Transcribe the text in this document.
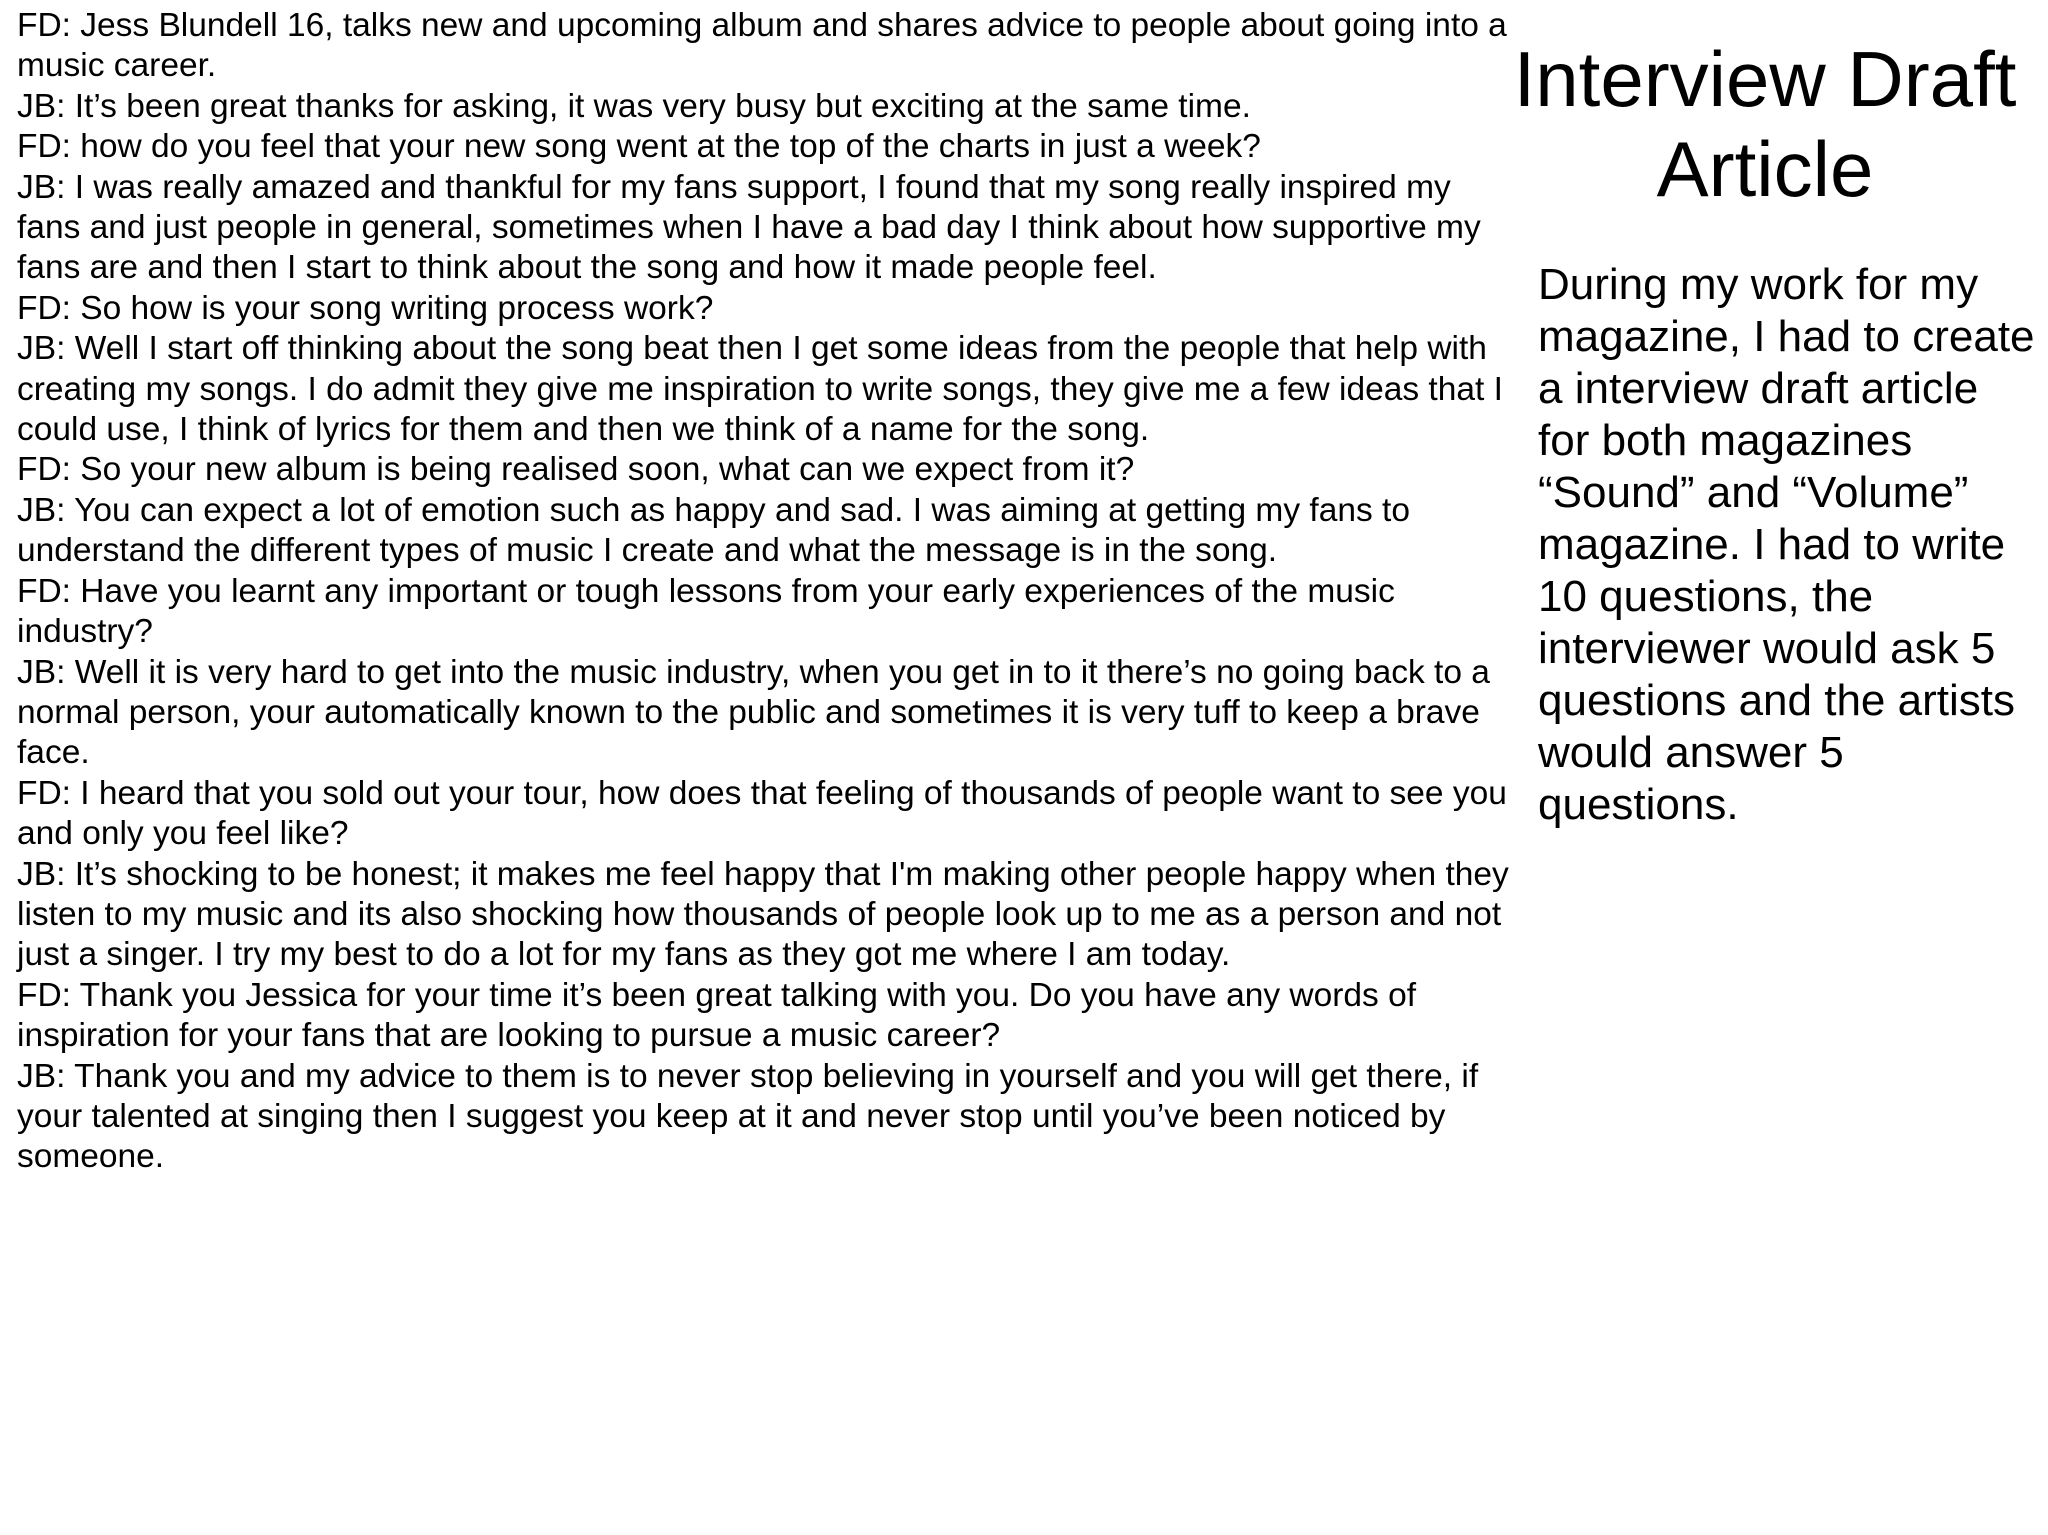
FD: Jess Blundell 16, talks new and upcoming album and shares advice to people about going into a music career.

JB: It’s been great thanks for asking, it was very busy but exciting at the same time.

FD: how do you feel that your new song went at the top of the charts in just a week?

JB: I was really amazed and thankful for my fans support, I found that my song really inspired my fans and just people in general, sometimes when I have a bad day I think about how supportive my fans are and then I start to think about the song and how it made people feel.

FD: So how is your song writing process work?

JB: Well I start off thinking about the song beat then I get some ideas from the people that help with creating my songs. I do admit they give me inspiration to write songs, they give me a few ideas that I could use, I think of lyrics for them and then we think of a name for the song.

FD: So your new album is being realised soon, what can we expect from it?

JB: You can expect a lot of emotion such as happy and sad. I was aiming at getting my fans to understand the different types of music I create and what the message is in the song.

FD: Have you learnt any important or tough lessons from your early experiences of the music industry?

JB: Well it is very hard to get into the music industry, when you get in to it there’s no going back to a normal person, your automatically known to the public and sometimes it is very tuff to keep a brave face.

FD: I heard that you sold out your tour, how does that feeling of thousands of people want to see you and only you feel like?

JB: It’s shocking to be honest; it makes me feel happy that I'm making other people happy when they listen to my music and its also shocking how thousands of people look up to me as a person and not just a singer. I try my best to do a lot for my fans as they got me where I am today.

FD: Thank you Jessica for your time it’s been great talking with you. Do you have any words of inspiration for your fans that are looking to pursue a music career?

JB: Thank you and my advice to them is to never stop believing in yourself and you will get there, if your talented at singing then I suggest you keep at it and never stop until you’ve been noticed by someone.

Interview Draft Article

During my work for my magazine, I had to create a interview draft article for both magazines “Sound” and “Volume” magazine. I had to write 10 questions, the interviewer would ask 5 questions and the artists would answer 5 questions.
